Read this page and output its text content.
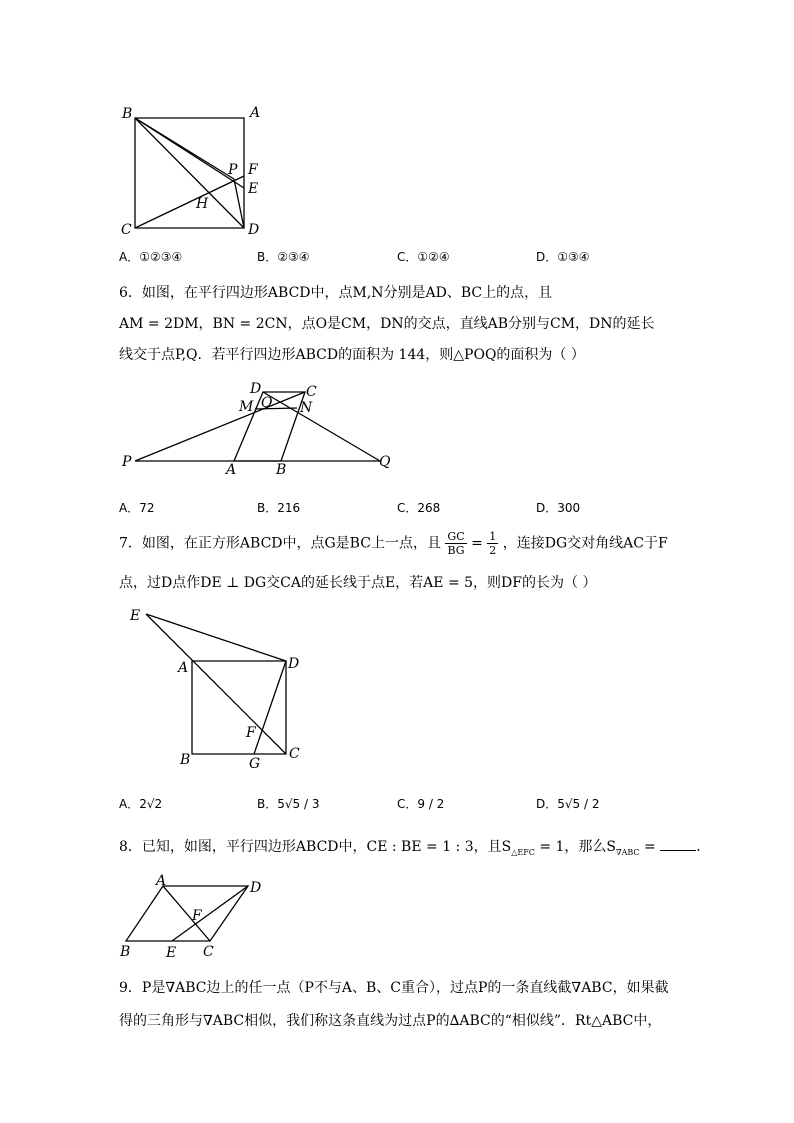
B	A
P F
E
H
C	D
A．①②③④	B．②③④	C．①②④	D．①③④
6．如图，在平行四边形ABCD中，点M,N分别是AD、BC上的点，且
AM = 2DM，BN = 2CN，点O是CM，DN的交点，直线AB分别与CM，DN的延长
线交于点P,Q．若平行四边形ABCD的面积为 144，则△POQ的面积为（ ）
D	C
M O N
P	A	B	Q
A．72	B．216	C．268	D．300
7．如图，在正方形ABCD中，点G是BC上一点，且 $\frac{GC}{BG} = \frac{1}{2}$ ，连接DG交对角线AC于F
点，过D点作DE ⊥ DG交CA的延长线于点E，若AE = 5，则DF的长为（ ）
E
A	D
F
B	G
C
A．2√2	B．5√5 / 3	C．9 / 2	D．5√5 / 2
8．已知，如图，平行四边形ABCD中，CE : BE = 1 : 3，且$S_{\triangle EFC} = 1$，那么$S_{\nabla ABC}$ =	．
A	D
F
B	E C
9．P是∇ABC边上的任一点（P不与A、B、C重合），过点P的一条直线截∇ABC，如果截
得的三角形与∇ABC相似，我们称这条直线为过点P的∆ABC的“相似线”．Rt△ABC中，
